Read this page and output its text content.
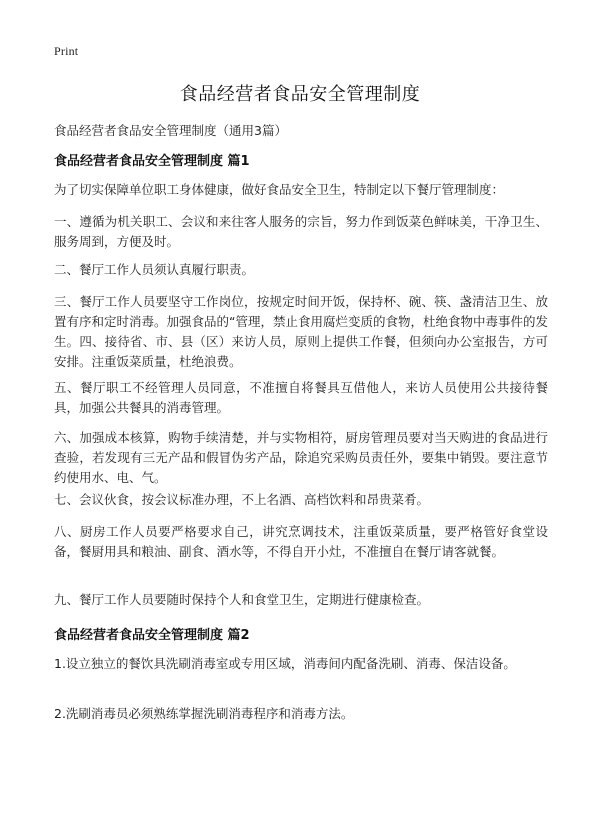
Print
食品经营者食品安全管理制度

食品经营者食品安全管理制度（通用3篇）

食品经营者食品安全管理制度 篇1

为了切实保障单位职工身体健康，做好食品安全卫生，特制定以下餐厅管理制度：

一、遵循为机关职工、会议和来往客人服务的宗旨，努力作到饭菜色鲜味美，干净卫生、服务周到，方便及时。

二、餐厅工作人员须认真履行职责。

三、餐厅工作人员要坚守工作岗位，按规定时间开饭，保持杯、碗、筷、盏清洁卫生、放置有序和定时消毒。加强食品的“管理，禁止食用腐烂变质的食物，杜绝食物中毒事件的发生。四、接待省、市、县（区）来访人员，原则上提供工作餐，但须向办公室报告，方可安排。注重饭菜质量，杜绝浪费。

五、餐厅职工不经管理人员同意，不准擅自将餐具互借他人，来访人员使用公共接待餐具，加强公共餐具的消毒管理。

六、加强成本核算，购物手续清楚，并与实物相符，厨房管理员要对当天购进的食品进行查验，若发现有三无产品和假冒伪劣产品，除追究采购员责任外，要集中销毁。要注意节约使用水、电、气。

七、会议伙食，按会议标准办理，不上名酒、高档饮料和昂贵菜肴。

八、厨房工作人员要严格要求自己，讲究烹调技术，注重饭菜质量，要严格管好食堂设备，餐厨用具和粮油、副食、酒水等，不得自开小灶，不准擅自在餐厅请客就餐。

九、餐厅工作人员要随时保持个人和食堂卫生，定期进行健康检查。

食品经营者食品安全管理制度 篇2

1.设立独立的餐饮具洗刷消毒室或专用区域，消毒间内配备洗刷、消毒、保洁设备。

2.洗刷消毒员必须熟练掌握洗刷消毒程序和消毒方法。
